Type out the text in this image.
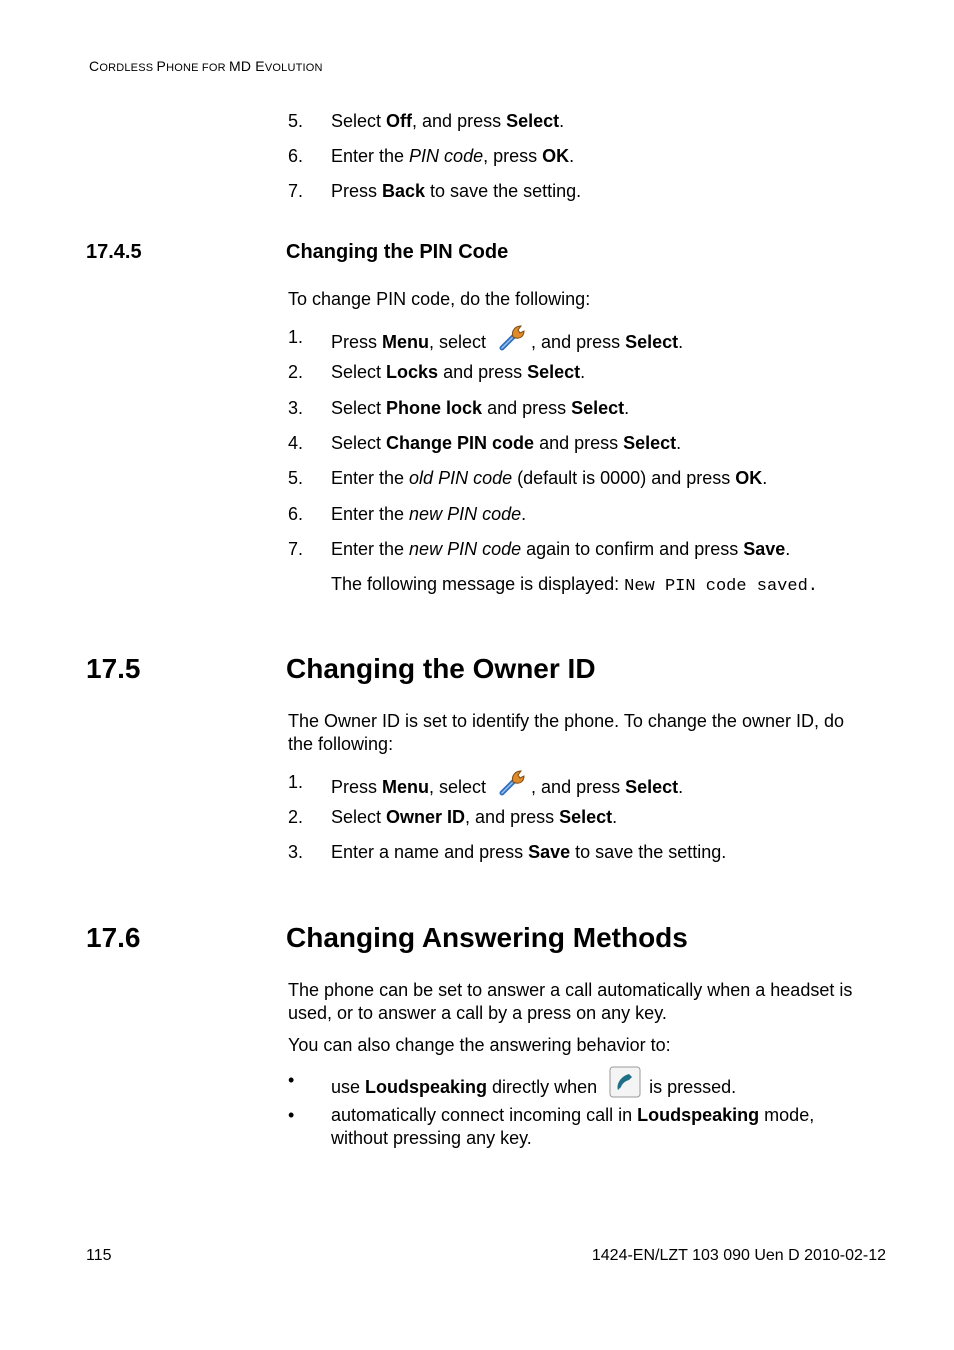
CORDLESS PHONE FOR MD EVOLUTION
5. Select Off, and press Select.
6. Enter the PIN code, press OK.
7. Press Back to save the setting.
17.4.5	Changing the PIN Code
To change PIN code, do the following:
1. Press Menu, select , and press Select.
2. Select Locks and press Select.
3. Select Phone lock and press Select.
4. Select Change PIN code and press Select.
5. Enter the old PIN code (default is 0000) and press OK.
6. Enter the new PIN code.
7. Enter the new PIN code again to confirm and press Save.
The following message is displayed: New PIN code saved.
17.5	Changing the Owner ID
The Owner ID is set to identify the phone. To change the owner ID, do
the following:
1. Press Menu, select , and press Select.
2. Select Owner ID, and press Select.
3. Enter a name and press Save to save the setting.
17.6	Changing Answering Methods
The phone can be set to answer a call automatically when a headset is
used, or to answer a call by a press on any key.
You can also change the answering behavior to:
• use Loudspeaking directly when  is pressed.
• automatically connect incoming call in Loudspeaking mode,
without pressing any key.
115	1424-EN/LZT 103 090 Uen D 2010-02-12
